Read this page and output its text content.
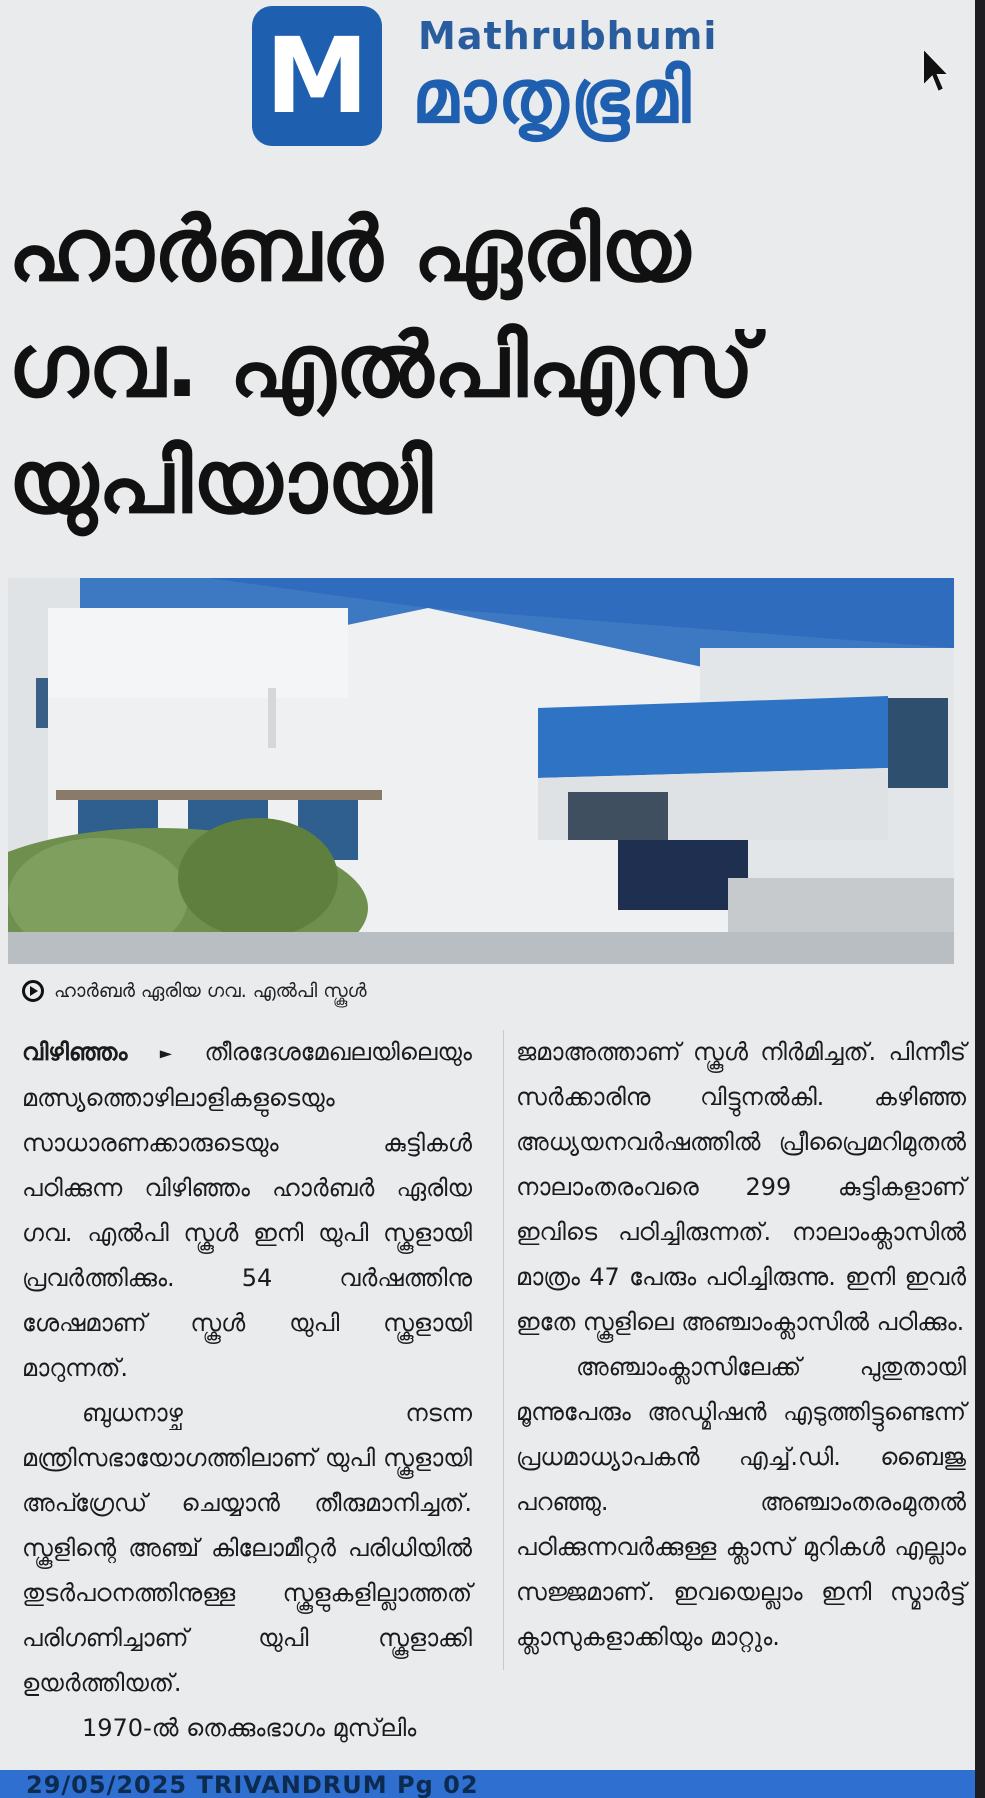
M	Mathrubhumi
മാതൃഭൂമി
ഹാർബർ ഏരിയ
ഗവ. എൽപിഎസ്
യുപിയായി
ഹാർബർ ഏരിയ ഗവ. എൽപി സ്കൂൾ

വിഴിഞ്ഞം ► തീരദേശമേഖലയിലെയും മത്സ്യത്തൊഴിലാളികളുടെയും സാധാരണക്കാരുടെയും കുട്ടികൾ പഠിക്കുന്ന വിഴിഞ്ഞം ഹാർബർ ഏരിയ ഗവ. എൽപി സ്കൂൾ ഇനി യുപി സ്കൂളായി പ്രവർത്തിക്കും. 54 വർഷത്തിനു ശേഷമാണ് സ്കൂൾ യുപി സ്കൂളായി മാറുന്നത്.

ബുധനാഴ്ച നടന്ന മന്ത്രിസഭായോഗത്തിലാണ് യുപി സ്കൂളായി അപ്ഗ്രേഡ് ചെയ്യാൻ തീരുമാനിച്ചത്. സ്കൂളിന്റെ അഞ്ച് കിലോമീറ്റർ പരിധിയിൽ തുടർപഠനത്തിനുള്ള സ്കൂളുകളില്ലാത്തത് പരിഗണിച്ചാണ് യുപി സ്കൂളാക്കി ഉയർത്തിയത്.

1970-ൽ തെക്കുംഭാഗം മുസ്‌ലിം

ജമാഅത്താണ് സ്കൂൾ നിർമിച്ചത്. പിന്നീട് സർക്കാരിനു വിട്ടുനൽകി. കഴിഞ്ഞ അധ്യയനവർഷത്തിൽ പ്രീപ്രൈമറിമുതൽ നാലാംതരംവരെ 299 കുട്ടികളാണ് ഇവിടെ പഠിച്ചിരുന്നത്. നാലാംക്ലാസിൽ മാത്രം 47 പേരും പഠിച്ചിരുന്നു. ഇനി ഇവർ ഇതേ സ്കൂളിലെ അഞ്ചാംക്ലാസിൽ പഠിക്കും.

അഞ്ചാംക്ലാസിലേക്ക് പുതുതായി മൂന്നുപേരും അഡ്മിഷൻ എടുത്തിട്ടുണ്ടെന്ന് പ്രധമാധ്യാപകൻ എച്ച്.ഡി. ബൈജു പറഞ്ഞു. അഞ്ചാംതരംമുതൽ പഠിക്കുന്നവർക്കുള്ള ക്ലാസ് മുറികൾ എല്ലാം സജ്ജമാണ്. ഇവയെല്ലാം ഇനി സ്മാർട്ട് ക്ലാസുകളാക്കിയും മാറ്റും.

29/05/2025 TRIVANDRUM Pg 02
